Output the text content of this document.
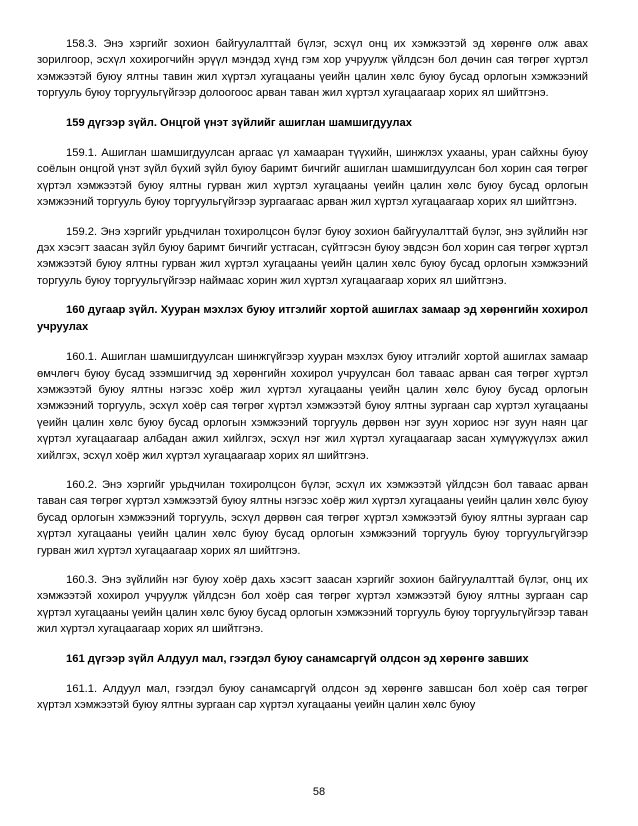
158.3. Энэ хэргийг зохион байгуулалттай бүлэг, эсхүл онц их хэмжээтэй эд хөрөнгө олж авах зорилгоор, эсхүл хохирогчийн эрүүл мэндэд хүнд гэм хор учруулж үйлдсэн бол дөчин сая төгрөг хүртэл хэмжээтэй буюу ялтны тавин жил хүртэл хугацааны үеийн цалин хөлс буюу бусад орлогын хэмжээний торгууль буюу торгуульгүйгээр долоогоос арван таван жил хүртэл хугацаагаар хорих ял шийтгэнэ.

159 дүгээр зүйл. Онцгой үнэт зүйлийг ашиглан шамшигдуулах

159.1. Ашиглан шамшигдуулсан аргаас үл хамааран түүхийн, шинжлэх ухааны, уран сайхны буюу соёлын онцгой үнэт зүйл бүхий зүйл буюу баримт бичгийг ашиглан шамшигдуулсан бол хорин сая төгрөг хүртэл хэмжээтэй буюу ялтны гурван жил хүртэл хугацааны үеийн цалин хөлс буюу бусад орлогын хэмжээний торгууль буюу торгуульгүйгээр зургаагаас арван жил хүртэл хугацаагаар хорих ял шийтгэнэ.

159.2. Энэ хэргийг урьдчилан тохиролцсон бүлэг буюу зохион байгуулалттай бүлэг, энэ зүйлийн нэг дэх хэсэгт заасан зүйл буюу баримт бичгийг устгасан, сүйтгэсэн буюу эвдсэн бол хорин сая төгрөг хүртэл хэмжээтэй буюу ялтны гурван жил хүртэл хугацааны үеийн цалин хөлс буюу бусад орлогын хэмжээний торгууль буюу торгуульгүйгээр наймаас хорин жил хүртэл хугацаагаар хорих ял шийтгэнэ.

160 дугаар зүйл. Хууран мэхлэх буюу итгэлийг хортой ашиглах замаар эд хөрөнгийн хохирол учруулах

160.1. Ашиглан шамшигдуулсан шинжгүйгээр хууран мэхлэх буюу итгэлийг хортой ашиглах замаар өмчлөгч буюу бусад эзэмшигчид эд хөрөнгийн хохирол учруулсан бол таваас арван сая төгрөг хүртэл хэмжээтэй буюу ялтны нэгээс хоёр жил хүртэл хугацааны үеийн цалин хөлс буюу бусад орлогын хэмжээний торгууль, эсхүл хоёр сая төгрөг хүртэл хэмжээтэй буюу ялтны зургаан сар хүртэл хугацааны үеийн цалин хөлс буюу бусад орлогын хэмжээний торгууль дөрвөн нэг зуун хориос нэг зуун наян цаг хүртэл хугацаагаар албадан ажил хийлгэх, эсхүл нэг жил хүртэл хугацаагаар засан хүмүүжүүлэх ажил хийлгэх, эсхүл хоёр жил хүртэл хугацаагаар хорих ял шийтгэнэ.

160.2. Энэ хэргийг урьдчилан тохиролцсон бүлэг, эсхүл их хэмжээтэй үйлдсэн бол таваас арван таван сая төгрөг хүртэл хэмжээтэй буюу ялтны нэгээс хоёр жил хүртэл хугацааны үеийн цалин хөлс буюу бусад орлогын хэмжээний торгууль, эсхүл дөрвөн сая төгрөг хүртэл хэмжээтэй буюу ялтны зургаан сар хүртэл хугацааны үеийн цалин хөлс буюу бусад орлогын хэмжээний торгууль буюу торгуульгүйгээр гурван жил хүртэл хугацаагаар хорих ял шийтгэнэ.

160.3. Энэ зүйлийн нэг буюу хоёр дахь хэсэгт заасан хэргийг зохион байгуулалттай бүлэг, онц их хэмжээтэй хохирол учруулж үйлдсэн бол хоёр сая төгрөг хүртэл хэмжээтэй буюу ялтны зургаан сар хүртэл хугацааны үеийн цалин хөлс буюу бусад орлогын хэмжээний торгууль буюу торгуульгүйгээр таван жил хүртэл хугацаагаар хорих ял шийтгэнэ.

161 дүгээр зүйл Алдуул мал, гээгдэл буюу санамсаргүй олдсон эд хөрөнгө завших

161.1. Алдуул мал, гээгдэл буюу санамсаргүй олдсон эд хөрөнгө завшсан бол хоёр сая төгрөг хүртэл хэмжээтэй буюу ялтны зургаан сар хүртэл хугацааны үеийн цалин хөлс буюу

58
